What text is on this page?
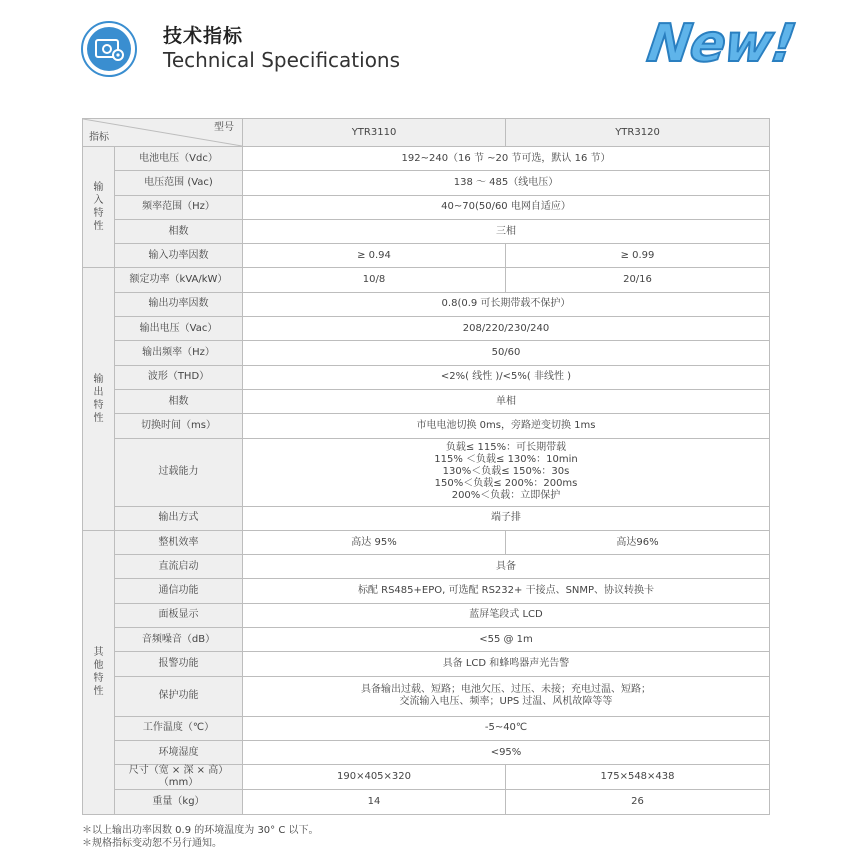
技术指标
Technical Specifications	New!
型号
指标		YTR3110	YTR3120
输入特性	电池电压（Vdc）	192~240（16 节 ~20 节可选，默认 16 节）	
	电压范围 (Vac)	138 ～ 485（线电压）	
	频率范围（Hz）	40~70(50/60 电网自适应）	
	相数	三相	
	输入功率因数	≥ 0.94	≥ 0.99
输出特性	额定功率（kVA/kW）	10/8	20/16
	输出功率因数	0.8(0.9 可长期带载不保护）	
	输出电压（Vac）	208/220/230/240	
	输出频率（Hz）	50/60	
	波形（THD）	<2%( 线性 )/<5%( 非线性 )	
	相数	单相	
	切换时间（ms）	市电电池切换 0ms，旁路逆变切换 1ms	
	过载能力	负载≤ 115%：可长期带载
115% ＜负载≤ 130%：10min
130%＜负载≤ 150%：30s
150%＜负载≤ 200%：200ms
200%＜负载：立即保护	

	输出方式	端子排	
其他特性	整机效率	高达 95%	高达96%
	直流启动	具备	
	通信功能	标配 RS485+EPO, 可选配 RS232+ 干接点、SNMP、协议转换卡	
	面板显示	蓝屏笔段式 LCD	
	音频噪音（dB）	<55 @ 1m	
	报警功能	具备 LCD 和蜂鸣器声光告警	
	保护功能	具备输出过载、短路；电池欠压、过压、未接；充电过温、短路；
交流输入电压、频率；UPS 过温、风机故障等等	

	工作温度（℃）	-5~40℃	
	环境湿度	<95%	

	尺寸（宽 × 深 × 高）
（mm）	190×405×320	175×548×438
	重量（kg）	14	26
＊以上输出功率因数 0.9 的环境温度为 30° C 以下。
＊规格指标变动恕不另行通知。
